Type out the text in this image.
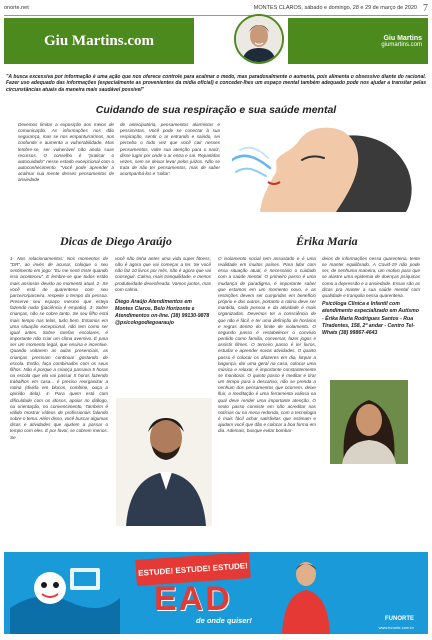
onorte.net	MONTES CLAROS, sábado e domingo, 28 e 29 de março de 2020 7
Giu Martins.com	Giu Martins
giumartins.com

"A busca excessiva por informação é uma ação que nos oferece controle para acalmar o medo, mas paradoxalmente o aumenta, pois alimenta o obsessivo diante do racional. Fazer uso adequado das informações (especialmente as provenientes da mídia oficial) e conceder-lhes um espaço mental também adequado pode nos ajudar a transitar pelas circunstâncias atuais da maneira mais saudável possível"

Cuidando de sua respiração e sua saúde mental

Devemos limitar a exposição aos meios de comunicação. As informações nos dão segurança, mas se nos empanturrarmos, nos confunde e aumenta a vulnerabilidade. Mas lembre-se, ser vulnerável não anula suas recursos. O conselho é "praticar o autocuidado" nesse estado excepcional com o autoconhecimento. "Você pode aprender a acalmar sua mente desses pensamentos de ansiedade

de antecipatória, pensamentos alarmistas e pessimistas. Você pode se conectar à sua respiração, sentir o ar entrando e saindo, sei perceba o todo vez que você cair nesses pensamentos, volte sua atenção para o nariz, disse lugar por onde o ar entra e sai. Repartidas vezes, sem se deixar levar pelos juízos. Não se trata de não ter pensamentos, mas de saber acompanhá-los e 'soltar'.

Dicas de Diego Araújo	Érika Maria

1- Nos relacionamentos: Nos momentos de "DR", ao invés de acusar, coloque o seu sentimento em jogo: "Eu me senti triste quando isso aconteceu". E lembre-se que todos estão mais ansiosos devido ao momento atual. 2- Se você está de quarentena com seu parceiro/parceira, respeite o tempo da pessoa. Preserve seu espaço mesmo que esteja fazendo nada (paciência é empatia). 3- Sobre crianças, não se cobre tanto. Se seu filho está mais tempo nas telas, tudo bem. Estamos em uma situação excepcional, não tem como ser igual antes. Sobre tarefas escolares, é importante não criar um clima aversivo. É para ser um momento legal, que ensina e incentive. Quando voltarem as aulas presenciais, as crianças precisam continuar gostando de escola. Então, faça combinados com os seus filhos. Não é porque a criança passava 5 horas na escola que ela vai passar 5 horas fazendo trabalhos em casa... é preciso reorganizar a rotina (divida em blocos, combine, ouça a opinião dela). 4- Para quem está com dificuldade com os idosos, apoiar no diálogo, na orientação, no convencimento. Também é válido mostrar vídeos de profissionais falando sobre o tema. Além disso, você buscar algumas dicas e atividades que ajudem a passar o tempo com eles. É por favor, se cobrem menos. Se

você não tinha antes uma vida super fitness, não é agora que vai começar a ter. Se você não faz 10 livros por mês, não é agora que vai conseguir. Calma, mais tranquilidade, e menos produtividade desenfreada. Vamos juntos, mas com calma.

Diego Araújo Atendimentos em Montes Claros, Belo Horizonte e Atendimentos on-line. (38) 99130-9878 @psicologodiegoaraujo

O isolamento social tem assustado e é uma realidade em muitos países. Para lidar com essa situação atual, é necessário o cuidado com a saúde mental. O primeiro passo é uma mudança de paradigma, é importante saber que estamos em um momento novo, e as restrições devem ser cumpridas em benefício próprio e dos outros, portanto a rotina deve ser mantida, cada pessoa e da atividade é mais organizadas. Devemos ter a consciência de que não é fácil, e ter uma definição de horários e regras dentro do limite de isolamento. O segundo passo é restabelecer o convívio perdido como família, conversar, fazer jogos e assistir filmes. O terceiro passo é ler livros, estudar e aprender novas atividades. O quarto passo é colocar os afazeres em dia, limpar a bagunça, dar uma geral na casa, colocar uma música e relaxar, é importante constantemente se monitorar. O quinto passo é meditar e tirar um tempo para o descanso, não se prenda a nenhum dos pensamentos que ocorrem, deixe fluir, a meditação é uma ferramenta valiosa na qual deve render uma importante atenção. O sexto passo consiste em não acreditar nas notícias ou na mesa redonda, com a tecnologia é mais fácil achar satisfeitas que estimam e ajudam você que dão e colocar a boa forma em dia. Ademais, busque evitar bombar-

deios de informações nessa quarentena, tente se manter equilibrado. A Covid-19 não pode ser, de nenhuma maneira, um motivo para que se alastre uma epidemia de doenças psíquicas como a depressão e a ansiedade. Essas são as dicas pra manter a sua saúde mental com qualidade e tranquila nessa quarentena.

Psicóloga Clínica e Infantil com atendimento especializado em Autismo - Érika Maria Rodrigues Santos - Rua Tiradentes, 158, 2º andar - Centro Tel-Whats (38) 99867-4643

ESTUDE! ESTUDE! ESTUDE!
EAD
de onde quiser!	FUNORTE
www.funorte.com.br
